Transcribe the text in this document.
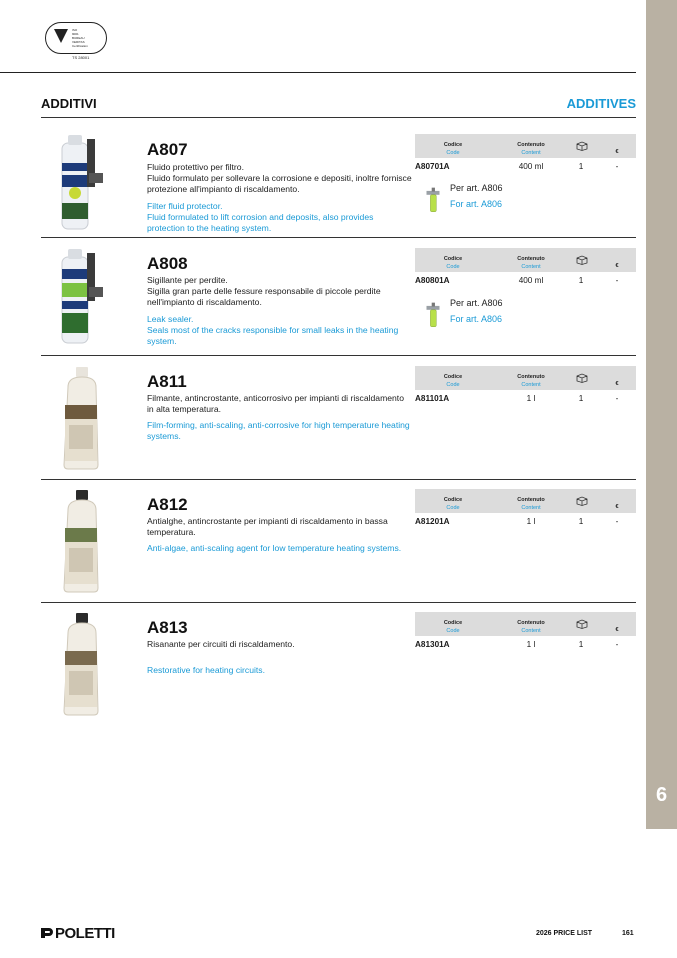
6
ISO
9001
BUREAU
VERITAS
Certification
TS 28001
ADDITIVI	ADDITIVES
A807
Fluido protettivo per filtro.
Fluido formulato per sollevare la corrosione e depositi, inoltre fornisce protezione all'impianto di riscaldamento.
Filter fluid protector.
Fluid formulated to lift corrosion and deposits, also provides protection to the heating system.
Codice
Code
Contenuto
Content	€
A80701A	400 ml	1	-
Per art. A806
For art. A806
A808
Sigillante per perdite.
Sigilla gran parte delle fessure responsabile di piccole perdite nell'impianto di riscaldamento.
Leak sealer.
Seals most of the cracks responsible for small leaks in the heating system.
Codice
Code
Contenuto
Content	€
A80801A	400 ml	1	-
Per art. A806
For art. A806
A811
Filmante, antincrostante, anticorrosivo per impianti di riscaldamento in alta temperatura.
Film-forming, anti-scaling, anti-corrosive for high temperature heating systems.
Codice
Code
Contenuto
Content	€
A81101A	1 l	1	-
A812
Antialghe, antincrostante per impianti di riscaldamento in bassa temperatura.
Anti-algae, anti-scaling agent for low temperature heating systems.
Codice
Code
Contenuto
Content	€
A81201A	1 l	1	-
A813
Risanante per circuiti di riscaldamento.
Restorative for heating circuits.
Codice
Code
Contenuto
Content	€
A81301A	1 l	1	-
POLETTI	2026 PRICE LIST	161
